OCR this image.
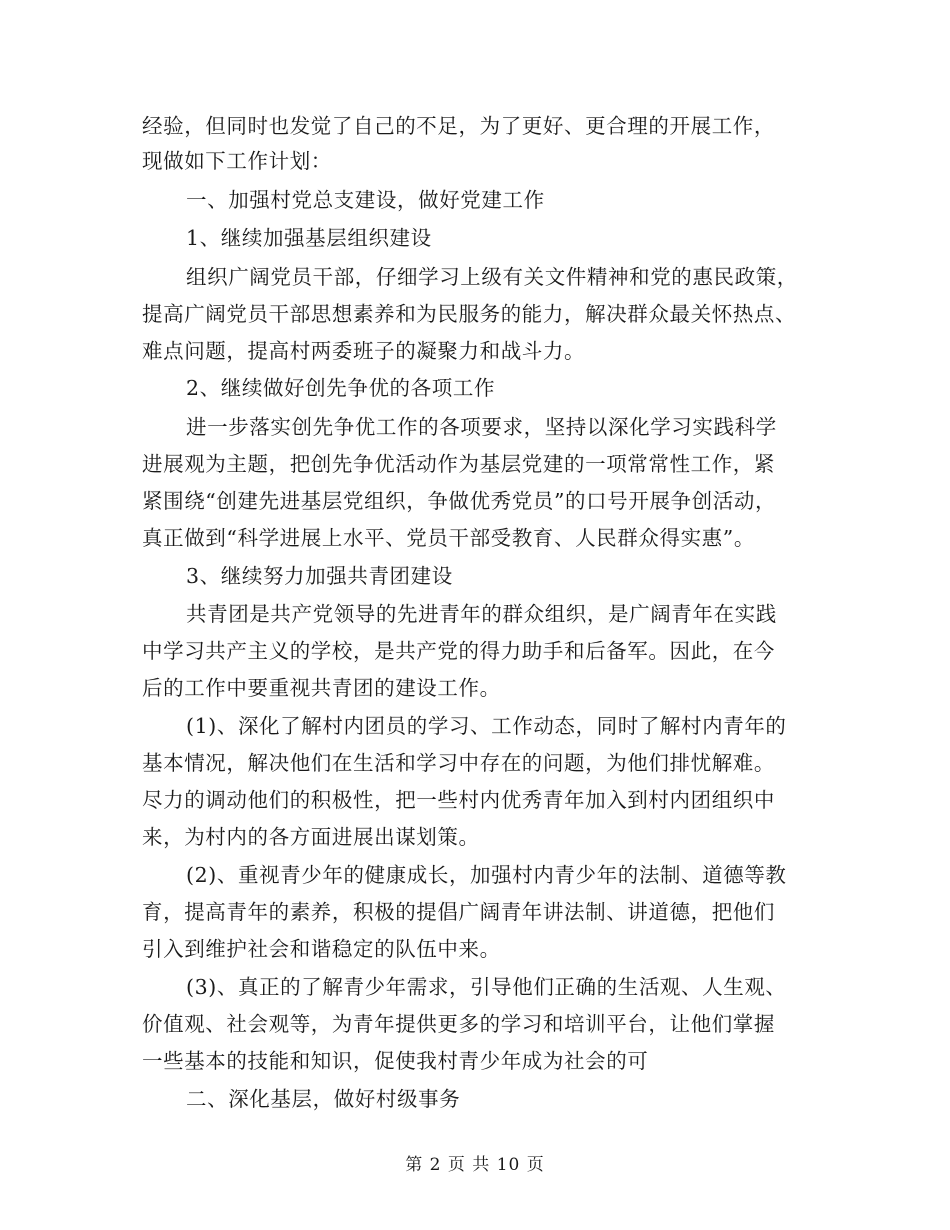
经验，但同时也发觉了自己的不足，为了更好、更合理的开展工作，
现做如下工作计划：
一、加强村党总支建设，做好党建工作
1、继续加强基层组织建设
组织广阔党员干部，仔细学习上级有关文件精神和党的惠民政策，
提高广阔党员干部思想素养和为民服务的能力，解决群众最关怀热点、
难点问题，提高村两委班子的凝聚力和战斗力。
2、继续做好创先争优的各项工作
进一步落实创先争优工作的各项要求，坚持以深化学习实践科学
进展观为主题，把创先争优活动作为基层党建的一项常常性工作，紧
紧围绕“创建先进基层党组织，争做优秀党员”的口号开展争创活动，
真正做到“科学进展上水平、党员干部受教育、人民群众得实惠”。
3、继续努力加强共青团建设
共青团是共产党领导的先进青年的群众组织，是广阔青年在实践
中学习共产主义的学校，是共产党的得力助手和后备军。因此，在今
后的工作中要重视共青团的建设工作。
(1)、深化了解村内团员的学习、工作动态，同时了解村内青年的
基本情况，解决他们在生活和学习中存在的问题，为他们排忧解难。
尽力的调动他们的积极性，把一些村内优秀青年加入到村内团组织中
来，为村内的各方面进展出谋划策。
(2)、重视青少年的健康成长，加强村内青少年的法制、道德等教
育，提高青年的素养，积极的提倡广阔青年讲法制、讲道德，把他们
引入到维护社会和谐稳定的队伍中来。
(3)、真正的了解青少年需求，引导他们正确的生活观、人生观、
价值观、社会观等，为青年提供更多的学习和培训平台，让他们掌握
一些基本的技能和知识，促使我村青少年成为社会的可
二、深化基层，做好村级事务
第 2 页 共 10 页
